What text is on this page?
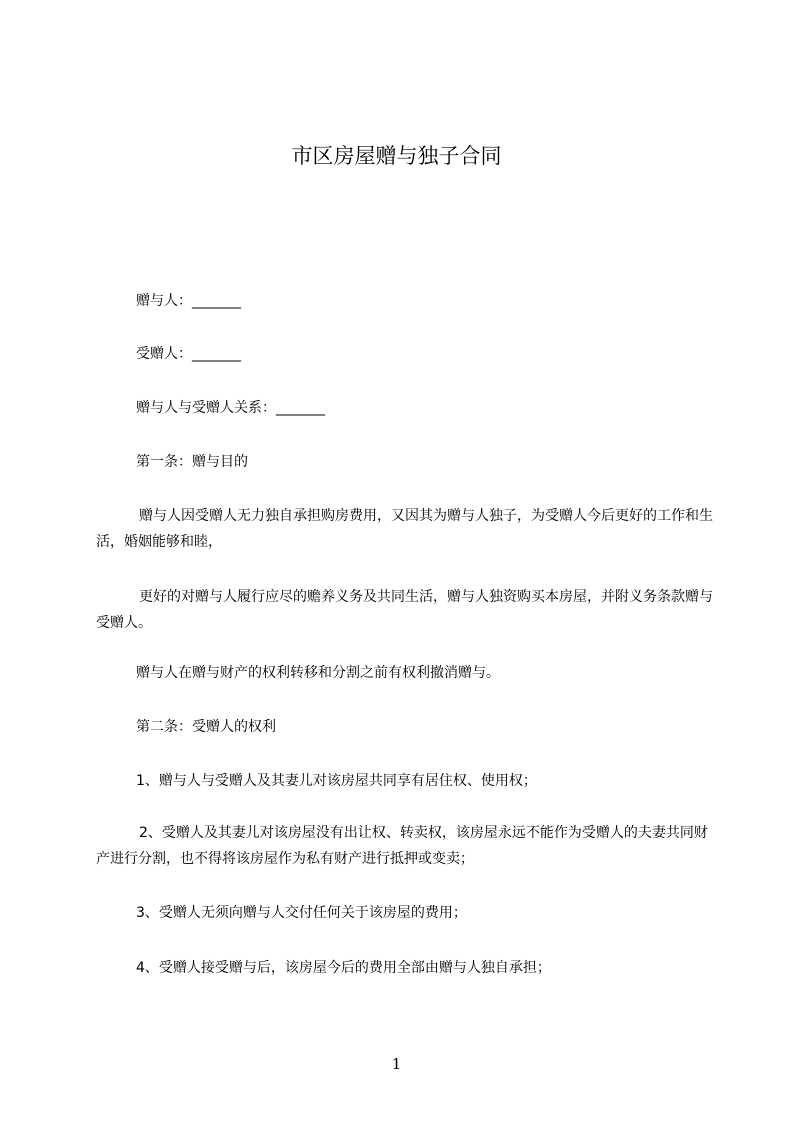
市区房屋赠与独子合同
赠与人：_______
受赠人：_______
赠与人与受赠人关系：_______
第一条：赠与目的
赠与人因受赠人无力独自承担购房费用，又因其为赠与人独子，为受赠人今后更好的工作和生活，婚姻能够和睦，
更好的对赠与人履行应尽的赡养义务及共同生活，赠与人独资购买本房屋，并附义务条款赠与受赠人。
赠与人在赠与财产的权利转移和分割之前有权利撤消赠与。
第二条：受赠人的权利
1、赠与人与受赠人及其妻儿对该房屋共同享有居住权、使用权；
2、受赠人及其妻儿对该房屋没有出让权、转卖权，该房屋永远不能作为受赠人的夫妻共同财产进行分割，也不得将该房屋作为私有财产进行抵押或变卖；
3、受赠人无须向赠与人交付任何关于该房屋的费用；
4、受赠人接受赠与后，该房屋今后的费用全部由赠与人独自承担；
1
